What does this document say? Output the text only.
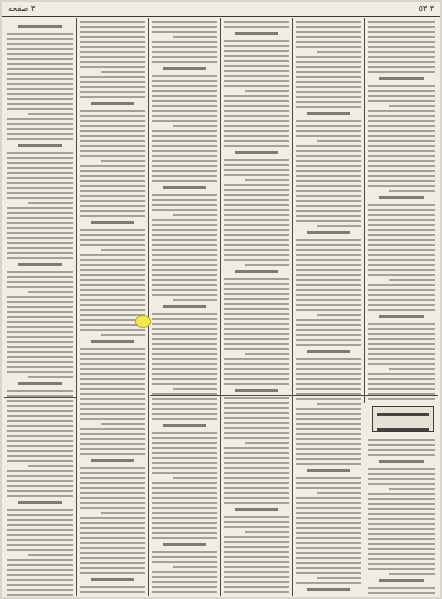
٣ صفحه	٣ ٥٣
